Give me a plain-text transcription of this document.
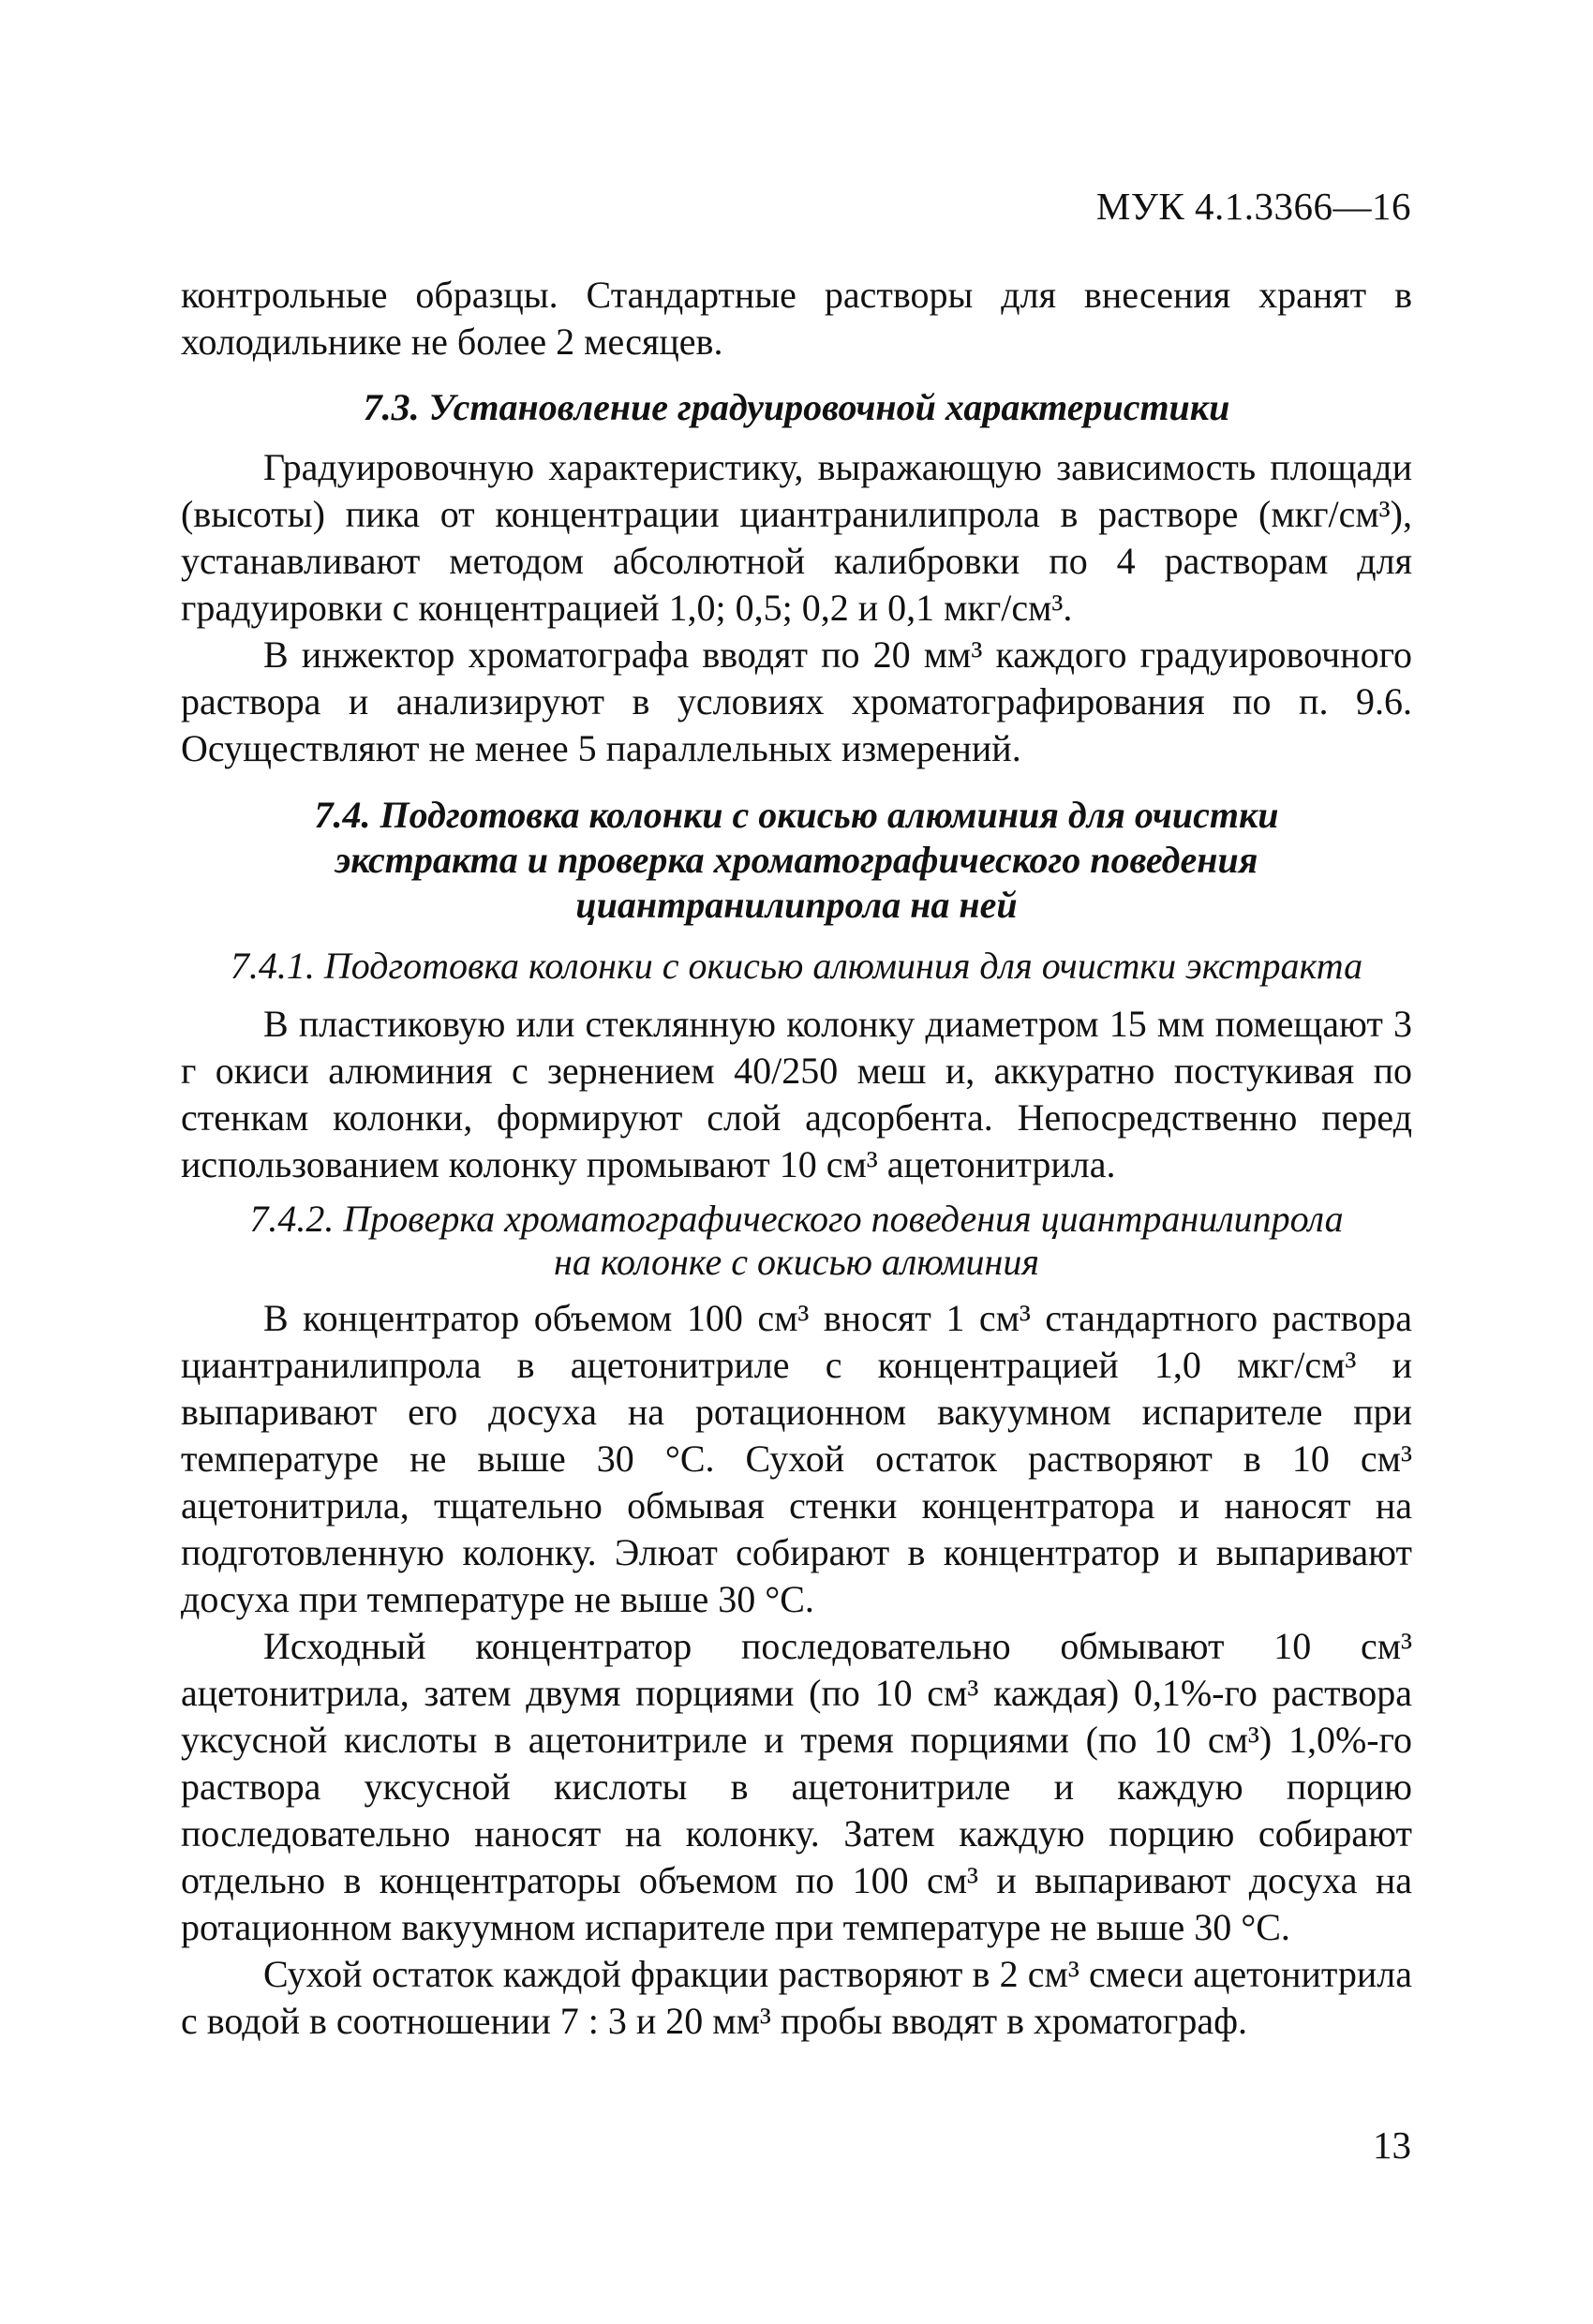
МУК 4.1.3366—16

контрольные образцы. Стандартные растворы для внесения хранят в холодильнике не более 2 месяцев.

7.3. Установление градуировочной характеристики

Градуировочную характеристику, выражающую зависимость площади (высоты) пика от концентрации циантранилипрола в растворе (мкг/см³), устанавливают методом абсолютной калибровки по 4 растворам для градуировки с концентрацией 1,0; 0,5; 0,2 и 0,1 мкг/см³.

В инжектор хроматографа вводят по 20 мм³ каждого градуировочного раствора и анализируют в условиях хроматографирования по п. 9.6. Осуществляют не менее 5 параллельных измерений.

7.4. Подготовка колонки с окисью алюминия для очистки
экстракта и проверка хроматографического поведения
циантранилипрола на ней
7.4.1. Подготовка колонки с окисью алюминия для очистки экстракта

В пластиковую или стеклянную колонку диаметром 15 мм помещают 3 г окиси алюминия с зернением 40/250 меш и, аккуратно постукивая по стенкам колонки, формируют слой адсорбента. Непосредственно перед использованием колонку промывают 10 см³ ацетонитрила.

7.4.2. Проверка хроматографического поведения циантранилипрола
на колонке с окисью алюминия

В концентратор объемом 100 см³ вносят 1 см³ стандартного раствора циантранилипрола в ацетонитриле с концентрацией 1,0 мкг/см³ и выпаривают его досуха на ротационном вакуумном испарителе при температуре не выше 30 °С. Сухой остаток растворяют в 10 см³ ацетонитрила, тщательно обмывая стенки концентратора и наносят на подготовленную колонку. Элюат собирают в концентратор и выпаривают досуха при температуре не выше 30 °С.

Исходный концентратор последовательно обмывают 10 см³ ацетонитрила, затем двумя порциями (по 10 см³ каждая) 0,1%-го раствора уксусной кислоты в ацетонитриле и тремя порциями (по 10 см³) 1,0%-го раствора уксусной кислоты в ацетонитриле и каждую порцию последовательно наносят на колонку. Затем каждую порцию собирают отдельно в концентраторы объемом по 100 см³ и выпаривают досуха на ротационном вакуумном испарителе при температуре не выше 30 °С.

Сухой остаток каждой фракции растворяют в 2 см³ смеси ацетонитрила с водой в соотношении 7 : 3 и 20 мм³ пробы вводят в хроматограф.

13
